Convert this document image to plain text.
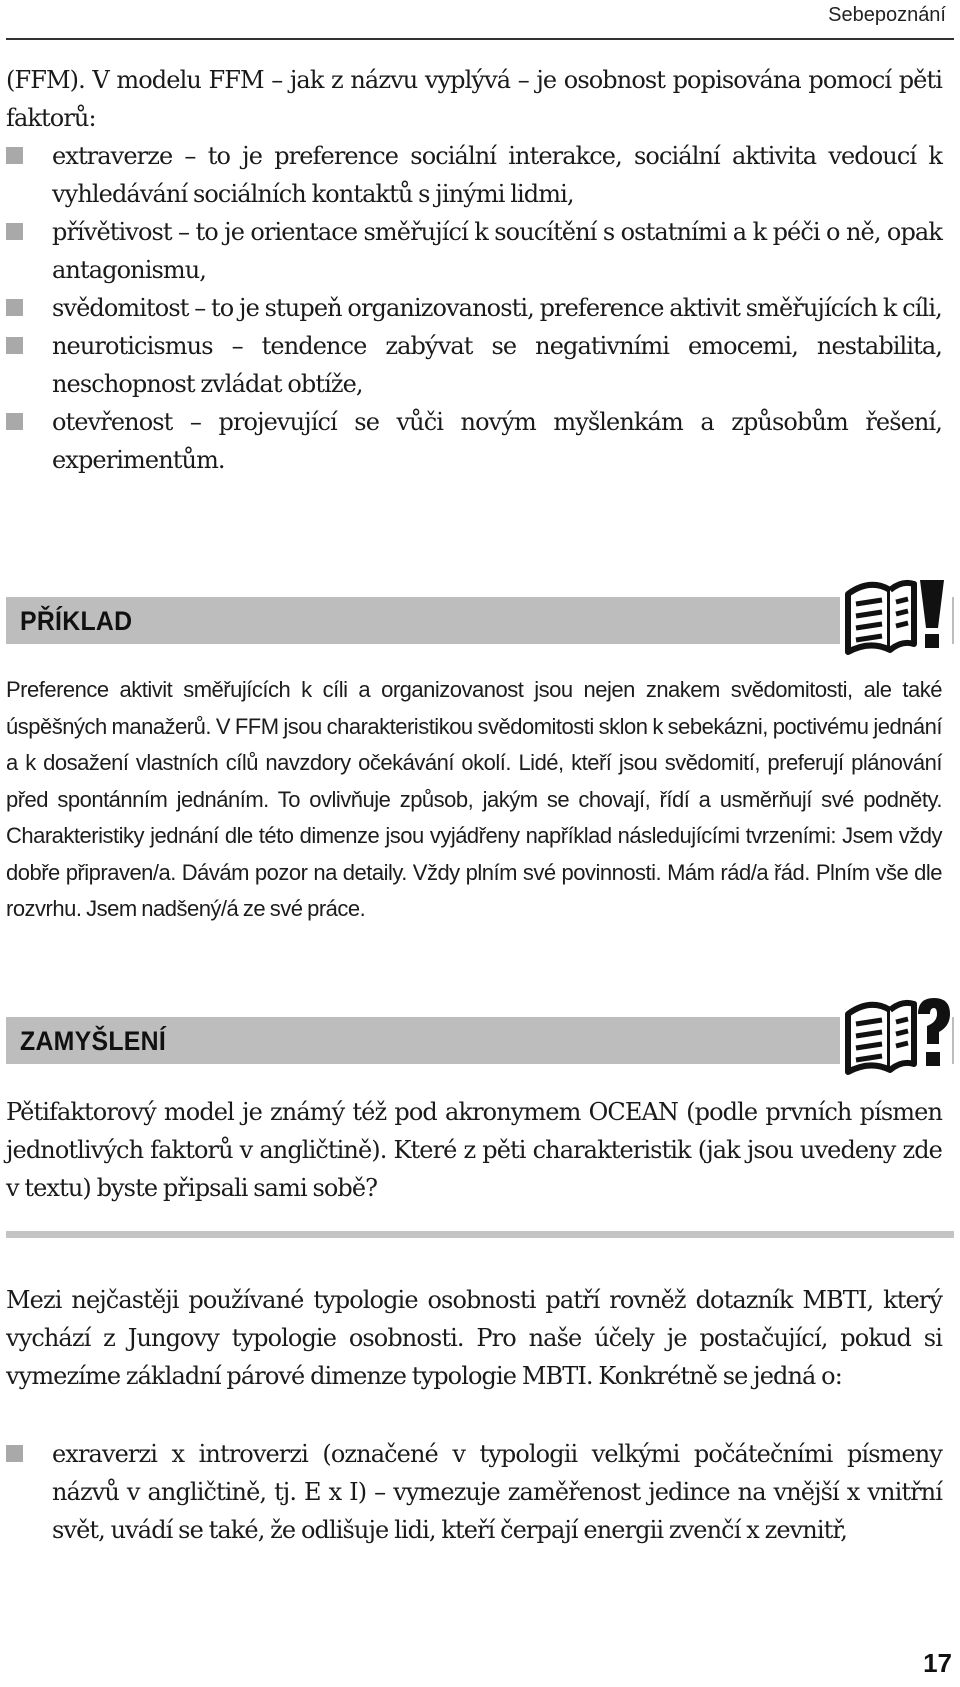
Sebepoznání
(FFM). V modelu FFM – jak z názvu vyplývá – je osobnost popisována pomocí pěti faktorů:
extraverze – to je preference sociální interakce, sociální aktivita vedoucí k vyhledávání sociálních kontaktů s jinými lidmi,
přívětivost – to je orientace směřující k soucítění s ostatními a k péči o ně, opak antagonismu,
svědomitost – to je stupeň organizovanosti, preference aktivit směřujících k cíli,
neuroticismus – tendence zabývat se negativními emocemi, nestabilita, neschopnost zvládat obtíže,
otevřenost – projevující se vůči novým myšlenkám a způsobům řešení, experimentům.
PŘÍKLAD
Preference aktivit směřujících k cíli a organizovanost jsou nejen znakem svědomitosti, ale také úspěšných manažerů. V FFM jsou charakteristikou svědomitosti sklon k sebekázni, poctivému jednání a k dosažení vlastních cílů navzdory očekávání okolí. Lidé, kteří jsou svědomití, preferují plánování před spontánním jednáním. To ovlivňuje způsob, jakým se chovají, řídí a usměrňují své podněty. Charakteristiky jednání dle této dimenze jsou vyjádřeny například následujícími tvrzeními: Jsem vždy dobře připraven/a. Dávám pozor na detaily. Vždy plním své povinnosti. Mám rád/a řád. Plním vše dle rozvrhu. Jsem nadšený/á ze své práce.
ZAMYŠLENÍ
Pětifaktorový model je známý též pod akronymem OCEAN (podle prvních písmen jednotlivých faktorů v angličtině). Které z pěti charakteristik (jak jsou uvedeny zde v textu) byste připsali sami sobě?
Mezi nejčastěji používané typologie osobnosti patří rovněž dotazník MBTI, který vychází z Jungovy typologie osobnosti. Pro naše účely je postačující, pokud si vymezíme základní párové dimenze typologie MBTI. Konkrétně se jedná o:
exraverzi x introverzi (označené v typologii velkými počátečními písmeny názvů v angličtině, tj. E x I) – vymezuje zaměřenost jedince na vnější x vnitřní svět, uvádí se také, že odlišuje lidi, kteří čerpají energii zvenčí x zevnitř,
17
